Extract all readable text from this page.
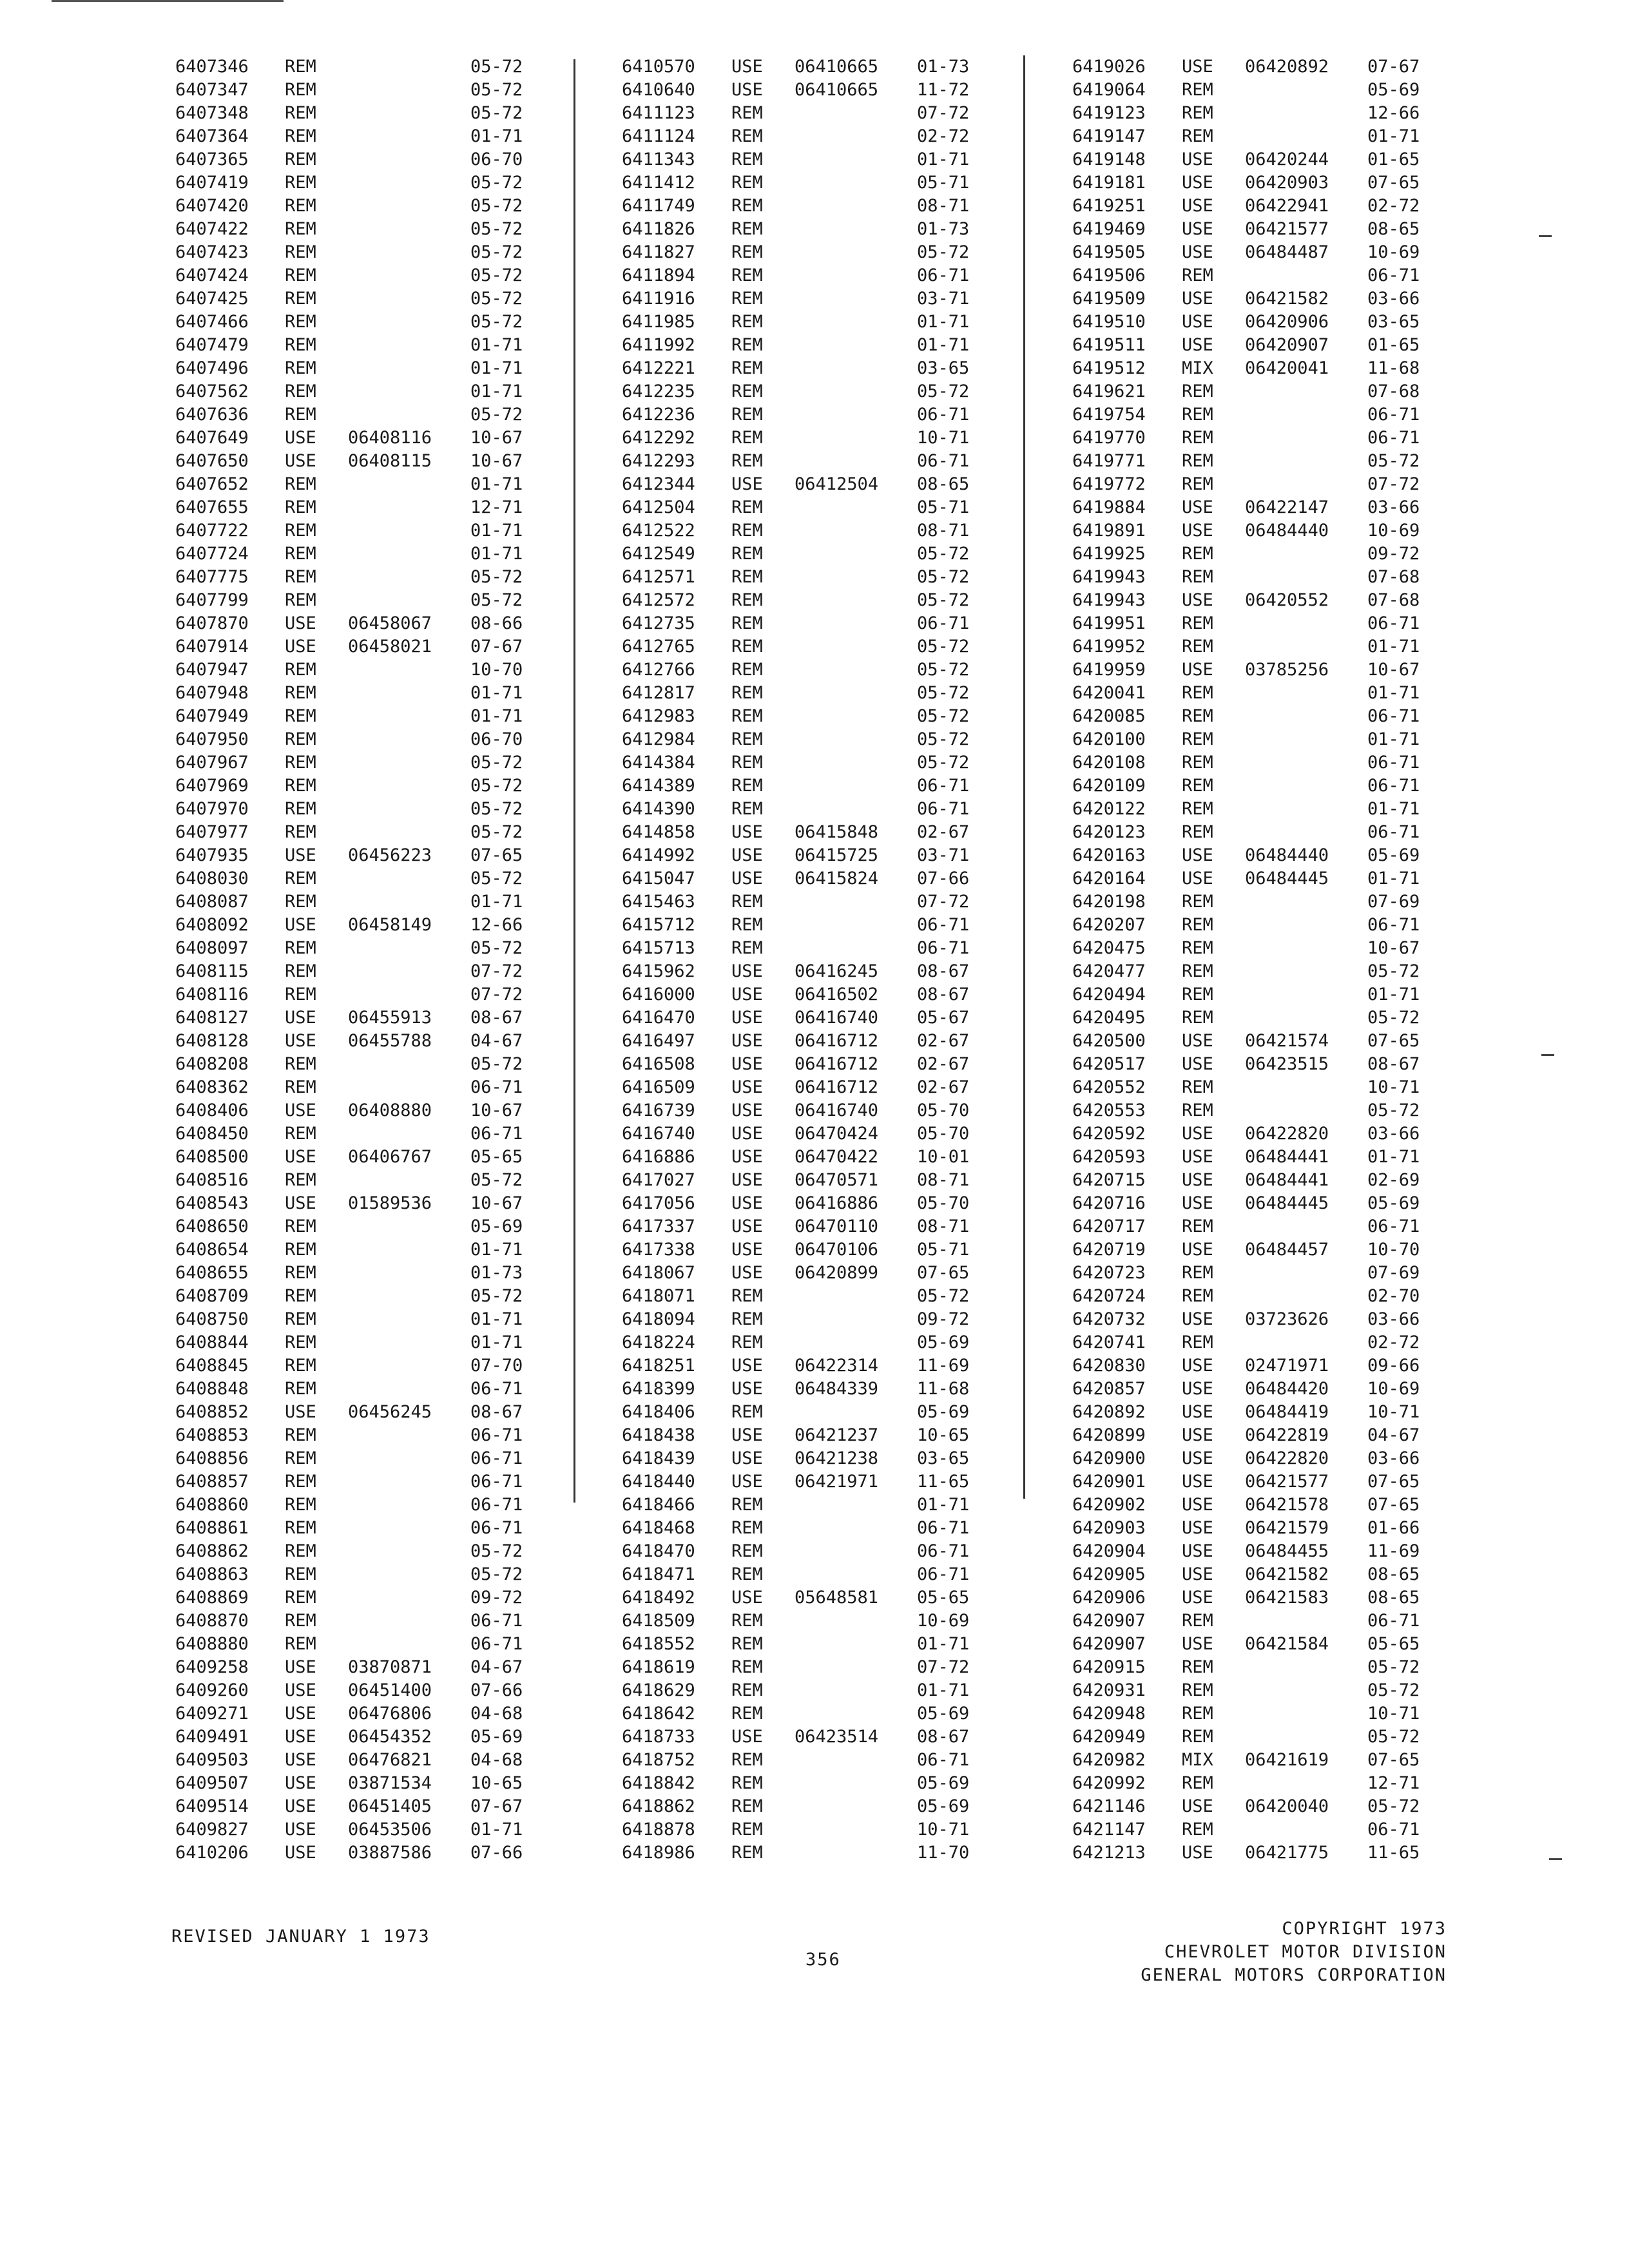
6407346 REM	05-72
6407347 REM	05-72
6407348 REM	05-72
6407364 REM	01-71
6407365 REM	06-70
6407419 REM	05-72
6407420 REM	05-72
6407422 REM	05-72
6407423 REM	05-72
6407424 REM	05-72
6407425 REM	05-72
6407466 REM	05-72
6407479 REM	01-71
6407496 REM	01-71
6407562 REM	01-71
6407636 REM	05-72
6407649 USE 06408116 10-67
6407650 USE 06408115 10-67
6407652 REM	01-71
6407655 REM	12-71
6407722 REM	01-71
6407724 REM	01-71
6407775 REM	05-72
6407799 REM	05-72
6407870 USE 06458067 08-66
6407914 USE 06458021 07-67
6407947 REM	10-70
6407948 REM	01-71
6407949 REM	01-71
6407950 REM	06-70
6407967 REM	05-72
6407969 REM	05-72
6407970 REM	05-72
6407977 REM	05-72
6407935 USE 06456223 07-65
6408030 REM	05-72
6408087 REM	01-71
6408092 USE 06458149 12-66
6408097 REM	05-72
6408115 REM	07-72
6408116 REM	07-72
6408127 USE 06455913 08-67
6408128 USE 06455788 04-67
6408208 REM	05-72
6408362 REM	06-71
6408406 USE 06408880 10-67
6408450 REM	06-71
6408500 USE 06406767 05-65
6408516 REM	05-72
6408543 USE 01589536 10-67
6408650 REM	05-69
6408654 REM	01-71
6408655 REM	01-73
6408709 REM	05-72
6408750 REM	01-71
6408844 REM	01-71
6408845 REM	07-70
6408848 REM	06-71
6408852 USE 06456245 08-67
6408853 REM	06-71
6408856 REM	06-71
6408857 REM	06-71
6408860 REM	06-71
6408861 REM	06-71
6408862 REM	05-72
6408863 REM	05-72
6408869 REM	09-72
6408870 REM	06-71
6408880 REM	06-71
6409258 USE 03870871 04-67
6409260 USE 06451400 07-66
6409271 USE 06476806 04-68
6409491 USE 06454352 05-69
6409503 USE 06476821 04-68
6409507 USE 03871534 10-65
6409514 USE 06451405 07-67
6409827 USE 06453506 01-71
6410206 USE 03887586 07-66
6410570 USE 06410665 01-73
6410640 USE 06410665 11-72
6411123 REM	07-72
6411124 REM	02-72
6411343 REM	01-71
6411412 REM	05-71
6411749 REM	08-71
6411826 REM	01-73
6411827 REM	05-72
6411894 REM	06-71
6411916 REM	03-71
6411985 REM	01-71
6411992 REM	01-71
6412221 REM	03-65
6412235 REM	05-72
6412236 REM	06-71
6412292 REM	10-71
6412293 REM	06-71
6412344 USE 06412504 08-65
6412504 REM	05-71
6412522 REM	08-71
6412549 REM	05-72
6412571 REM	05-72
6412572 REM	05-72
6412735 REM	06-71
6412765 REM	05-72
6412766 REM	05-72
6412817 REM	05-72
6412983 REM	05-72
6412984 REM	05-72
6414384 REM	05-72
6414389 REM	06-71
6414390 REM	06-71
6414858 USE 06415848 02-67
6414992 USE 06415725 03-71
6415047 USE 06415824 07-66
6415463 REM	07-72
6415712 REM	06-71
6415713 REM	06-71
6415962 USE 06416245 08-67
6416000 USE 06416502 08-67
6416470 USE 06416740 05-67
6416497 USE 06416712 02-67
6416508 USE 06416712 02-67
6416509 USE 06416712 02-67
6416739 USE 06416740 05-70
6416740 USE 06470424 05-70
6416886 USE 06470422 10-01
6417027 USE 06470571 08-71
6417056 USE 06416886 05-70
6417337 USE 06470110 08-71
6417338 USE 06470106 05-71
6418067 USE 06420899 07-65
6418071 REM	05-72
6418094 REM	09-72
6418224 REM	05-69
6418251 USE 06422314 11-69
6418399 USE 06484339 11-68
6418406 REM	05-69
6418438 USE 06421237 10-65
6418439 USE 06421238 03-65
6418440 USE 06421971 11-65
6418466 REM	01-71
6418468 REM	06-71
6418470 REM	06-71
6418471 REM	06-71
6418492 USE 05648581 05-65
6418509 REM	10-69
6418552 REM	01-71
6418619 REM	07-72
6418629 REM	01-71
6418642 REM	05-69
6418733 USE 06423514 08-67
6418752 REM	06-71
6418842 REM	05-69
6418862 REM	05-69
6418878 REM	10-71
6418986 REM	11-70
6419026 USE 06420892 07-67
6419064 REM	05-69
6419123 REM	12-66
6419147 REM	01-71
6419148 USE 06420244 01-65
6419181 USE 06420903 07-65
6419251 USE 06422941 02-72
6419469 USE 06421577 08-65
6419505 USE 06484487 10-69
6419506 REM	06-71
6419509 USE 06421582 03-66
6419510 USE 06420906 03-65
6419511 USE 06420907 01-65
6419512 MIX 06420041 11-68
6419621 REM	07-68
6419754 REM	06-71
6419770 REM	06-71
6419771 REM	05-72
6419772 REM	07-72
6419884 USE 06422147 03-66
6419891 USE 06484440 10-69
6419925 REM	09-72
6419943 REM	07-68
6419943 USE 06420552 07-68
6419951 REM	06-71
6419952 REM	01-71
6419959 USE 03785256 10-67
6420041 REM	01-71
6420085 REM	06-71
6420100 REM	01-71
6420108 REM	06-71
6420109 REM	06-71
6420122 REM	01-71
6420123 REM	06-71
6420163 USE 06484440 05-69
6420164 USE 06484445 01-71
6420198 REM	07-69
6420207 REM	06-71
6420475 REM	10-67
6420477 REM	05-72
6420494 REM	01-71
6420495 REM	05-72
6420500 USE 06421574 07-65
6420517 USE 06423515 08-67
6420552 REM	10-71
6420553 REM	05-72
6420592 USE 06422820 03-66
6420593 USE 06484441 01-71
6420715 USE 06484441 02-69
6420716 USE 06484445 05-69
6420717 REM	06-71
6420719 USE 06484457 10-70
6420723 REM	07-69
6420724 REM	02-70
6420732 USE 03723626 03-66
6420741 REM	02-72
6420830 USE 02471971 09-66
6420857 USE 06484420 10-69
6420892 USE 06484419 10-71
6420899 USE 06422819 04-67
6420900 USE 06422820 03-66
6420901 USE 06421577 07-65
6420902 USE 06421578 07-65
6420903 USE 06421579 01-66
6420904 USE 06484455 11-69
6420905 USE 06421582 08-65
6420906 USE 06421583 08-65
6420907 REM	06-71
6420907 USE 06421584 05-65
6420915 REM	05-72
6420931 REM	05-72
6420948 REM	10-71
6420949 REM	05-72
6420982 MIX 06421619 07-65
6420992 REM	12-71
6421146 USE 06420040 05-72
6421147 REM	06-71
6421213 USE 06421775 11-65
REVISED JANUARY 1 1973
356
COPYRIGHT 1973
CHEVROLET MOTOR DIVISION
GENERAL MOTORS CORPORATION
